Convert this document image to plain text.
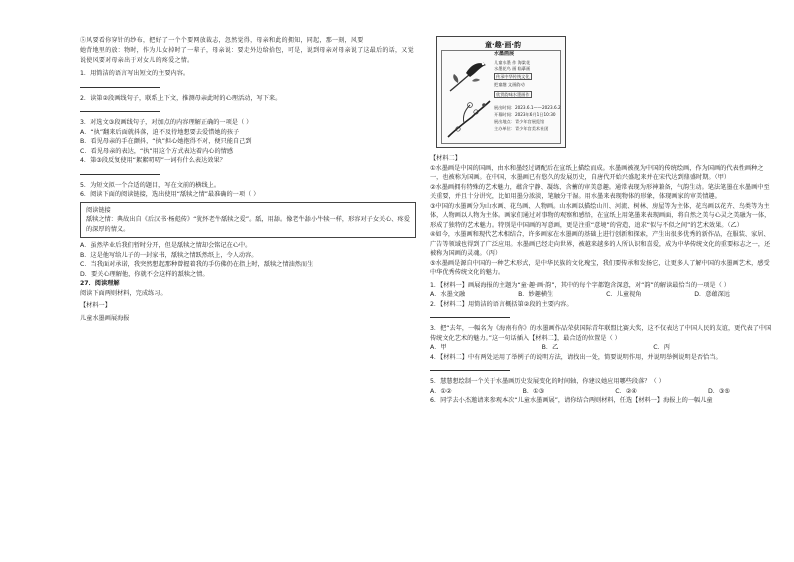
⑤风要看你穿针的纱布，把好了一个个要网放裁志，忽然觉得，母亲和此的拥知，同起，那一刻，风要
她背地里的放：物时，作为儿女掉时了一辈子，母亲说：要走外边给拾包，可是，说到母亲对母亲说了这最后的话，又觉
说使风要对母亲出于对女儿的疼爱之情。

1．用简洁的语言写出短文的主要内容。

2．读第②段画线句子，联系上下文，推测母亲此时的心理活动，写下来。

3．对选文③段画线句子，对加点的内容理解正确的一项是（ ）

A．“执”翻来后面就抖落，迫不及待地想要去爱惜她的孩子

B．看见母亲的手在颤抖，“执”担心她抱得不对，便只能自己到

C．看见母亲的表达，“执”用这个方式表达着内心的情感

4．第③段反复使用“絮絮叨叨”一词有什么表达效果？

5．为短文拟一个合适的题目，写在文前的横线上。

6．阅读下面的阅读链接，选出使用“舐犊之情”最准确的一项（ ）

阅读链接

舐犊之情：典故出自《后汉书·杨彪传》“犹怀老牛舐犊之爱”。舐，用舔。像老牛舔小牛犊一样，形容对子女关心、疼爱的深厚的情义。

A．虽然毕业后我们暂时分开，但是舐犊之情却会铭记在心中。

B．这是他写给儿子的一封家书，舐犊之情跃然纸上，令人动容。

C．当我面对承诺，我突然想起那种曾握着我的手仿佛仍在指上时，舐犊之情油然而生

D．要关心理解他，你就不会这样的舐犊之情。

27．阅读理解

阅读下面两则材料，完成练习。

【材料一】

儿童水墨画展海报

童·趣·画·韵
水墨画展
儿童水墨 作 海棠花
水墨花鸟 画 临摹画
传承中华传统文化
把童趣 文画韵动
欣赏韵味水墨画作
展出时间：2023.6.1——2023.6.2
开幕时间：2023年6月1日10:30
展出地点：青少年宫展览馆
主办单位：青少年宫美术社团

【材料二】

①水墨画是中国的国画，由水和墨经过调配后在宣纸上描绘而成。水墨画被视为中国的传统绘画，作为国画的代表性画种之一，也被称为国画。在中国，水墨画已有悠久的发展历史，自唐代开始兴盛起来并在宋代达到鼎盛时期。（甲）

②水墨画拥有特殊的艺术魅力，蕴含宁静、凝练、含蓄的审美意趣。通常表现为形神兼备，气韵生动。笔法笔墨在水墨画中至关重要，并且十分讲究，比如用墨分浓淡，笔触分干湿。用水墨来表现物体的形象，体现画家的审美情趣。

③中国的水墨画分为山水画、花鸟画、人物画。山水画以描绘山川、河流、树林、房屋等为主体，花鸟画以花卉、鸟类等为主体，人物画以人物为主体。画家们通过对事物的观察和感悟，在宣纸上用笔墨来表现画面，将自然之美与心灵之美融为一体，形成了独特的艺术魅力。特别是中国画的写意画，更是注重“意境”的营造，追求“似与不似之间”的艺术效果。（乙）

④如今，水墨画和现代艺术相结合，许多画家在水墨画的基础上进行创新和探索，产生出很多优秀的新作品，在服装、家居、广告等领域也得到了广泛应用。水墨画已经走向世界，被越来越多的人所认识和喜爱，成为中华传统文化的重要标志之一，还被称为国画的灵魂。（丙）

⑤水墨画是源自中国的一种艺术形式，是中华民族的文化瑰宝，我们要传承和发扬它，让更多人了解中国的水墨画艺术，感受中华优秀传统文化的魅力。

1．【材料一】画展海报的主题为“童·趣·画·韵”，其中的每个字都饱含深意，对“韵”的解读最恰当的一项是（ ）

A．水墨文融	B．妙趣横生	C．儿童视角	D．意蕴深远

2．【材料二】用简洁的语言概括第②段的主要内容。

3．把“去年，一幅名为《海南有你》的水墨画作品荣获国际青年联盟比赛大奖，这不仅表达了中国人民的友谊，更代表了中国传统文化艺术的魅力。”这一句话插入【材料二】，最合适的位置是（ ）

A．甲	B．乙	C．丙

4．【材料二】中有两处运用了举例子的说明方法，请找出一处，简要说明作用，并说明举例说明是否恰当。

5．慧慧想绘制一个关于水墨画历史发展变化的时间轴，你建议她应用哪些段落？（ ）

A．①②	B．①③	C．②④	D．③⑤

6．同学去小杰邀请来参观本次“儿童水墨画展”，请你结合两则材料，任选【材料一】海报上的一幅儿童
